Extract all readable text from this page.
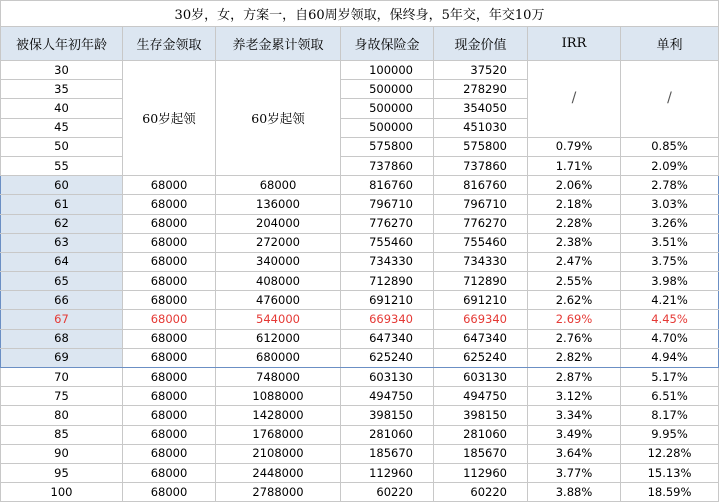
30岁，女，方案一，自60周岁领取，保终身，5年交，年交10万						
被保人年初年龄	生存金领取	养老金累计领取	身故保险金	现金价值	IRR	单利
30	60岁起领	60岁起领	100000	37520	/	/
35			500000	278290		
40			500000	354050		
45			500000	451030		
50			575800	575800	0.79%	0.85%
55			737860	737860	1.71%	2.09%
60	68000	68000	816760	816760	2.06%	2.78%
61	68000	136000	796710	796710	2.18%	3.03%
62	68000	204000	776270	776270	2.28%	3.26%
63	68000	272000	755460	755460	2.38%	3.51%
64	68000	340000	734330	734330	2.47%	3.75%
65	68000	408000	712890	712890	2.55%	3.98%
66	68000	476000	691210	691210	2.62%	4.21%
67	68000	544000	669340	669340	2.69%	4.45%
68	68000	612000	647340	647340	2.76%	4.70%
69	68000	680000	625240	625240	2.82%	4.94%
70	68000	748000	603130	603130	2.87%	5.17%
75	68000	1088000	494750	494750	3.12%	6.51%
80	68000	1428000	398150	398150	3.34%	8.17%
85	68000	1768000	281060	281060	3.49%	9.95%
90	68000	2108000	185670	185670	3.64%	12.28%
95	68000	2448000	112960	112960	3.77%	15.13%
100	68000	2788000	60220	60220	3.88%	18.59%
